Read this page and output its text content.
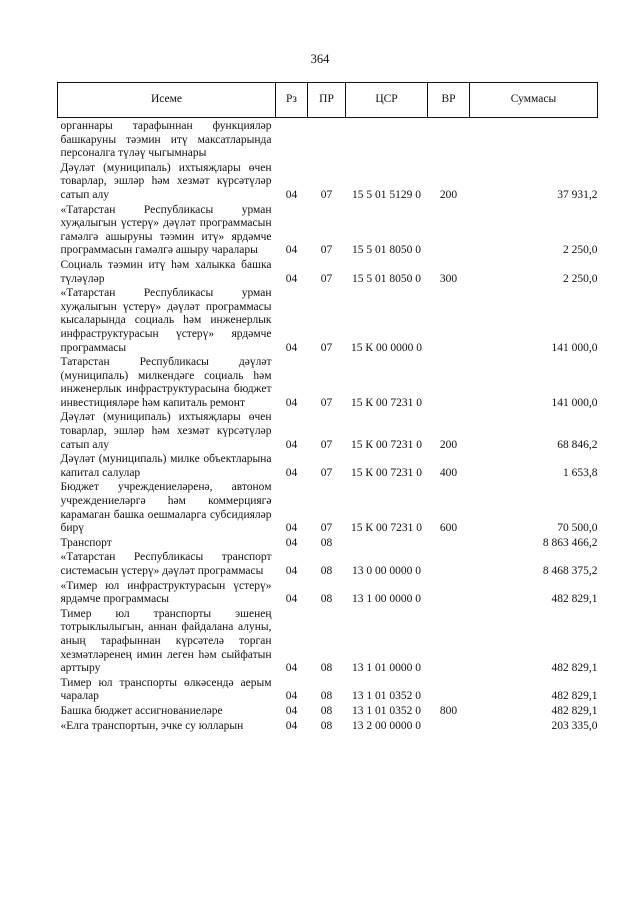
364
Исеме	Рз	ПР	ЦСР	ВР	Суммасы
органнары тарафыннан функцияләр башкаруны тәэмин итү максатларында персоналга түләү чыгымнары					
Дәүләт (муниципаль) ихтыяҗлары өчен товарлар, эшләр һәм хезмәт күрсәтүләр сатып алу	04	07	15 5 01 5129 0	200	37 931,2
«Татарстан Республикасы урман хуҗалыгын үстерү» дәүләт программасын гамәлгә ашыруны тәэмин итү» ярдәмче программасын гамәлгә ашыру чаралары	04	07	15 5 01 8050 0		2 250,0
Социаль тәэмин итү һәм халыкка башка түләүләр	04	07	15 5 01 8050 0	300	2 250,0
«Татарстан Республикасы урман хуҗалыгын үстерү» дәүләт программасы кысаларында социаль һәм инженерлык инфраструктурасын үстерү» ярдәмче программасы	04	07	15 К 00 0000 0		141 000,0
Татарстан Республикасы дәүләт (муниципаль) милкендәге социаль һәм инженерлык инфраструктурасына бюджет инвестицияләре һәм капиталь ремонт	04	07	15 К 00 7231 0		141 000,0
Дәүләт (муниципаль) ихтыяҗлары өчен товарлар, эшләр һәм хезмәт күрсәтүләр сатып алу	04	07	15 К 00 7231 0	200	68 846,2
Дәүләт (муниципаль) милке объектларына капитал салулар	04	07	15 К 00 7231 0	400	1 653,8
Бюджет учреждениеләренә, автоном учреждениеләргә һәм коммерциягә карамаган башка оешмаларга субсидияләр бирү	04	07	15 К 00 7231 0	600	70 500,0
Транспорт	04	08			8 863 466,2
«Татарстан Республикасы транспорт системасын үстерү» дәүләт программасы	04	08	13 0 00 0000 0		8 468 375,2
«Тимер юл инфраструктурасын үстерү» ярдәмче программасы	04	08	13 1 00 0000 0		482 829,1
Тимер юл транспорты эшенең тотрыклылыгын, аннан файдалана алуны, аның тарафыннан күрсәтелә торган хезмәтләренең имин леген һәм сыйфатын арттыру	04	08	13 1 01 0000 0		482 829,1
Тимер юл транспорты өлкәсендә аерым чаралар	04	08	13 1 01 0352 0		482 829,1
Башка бюджет ассигнованиеләре	04	08	13 1 01 0352 0	800	482 829,1
«Елга транспортын, эчке су юлларын	04	08	13 2 00 0000 0		203 335,0
